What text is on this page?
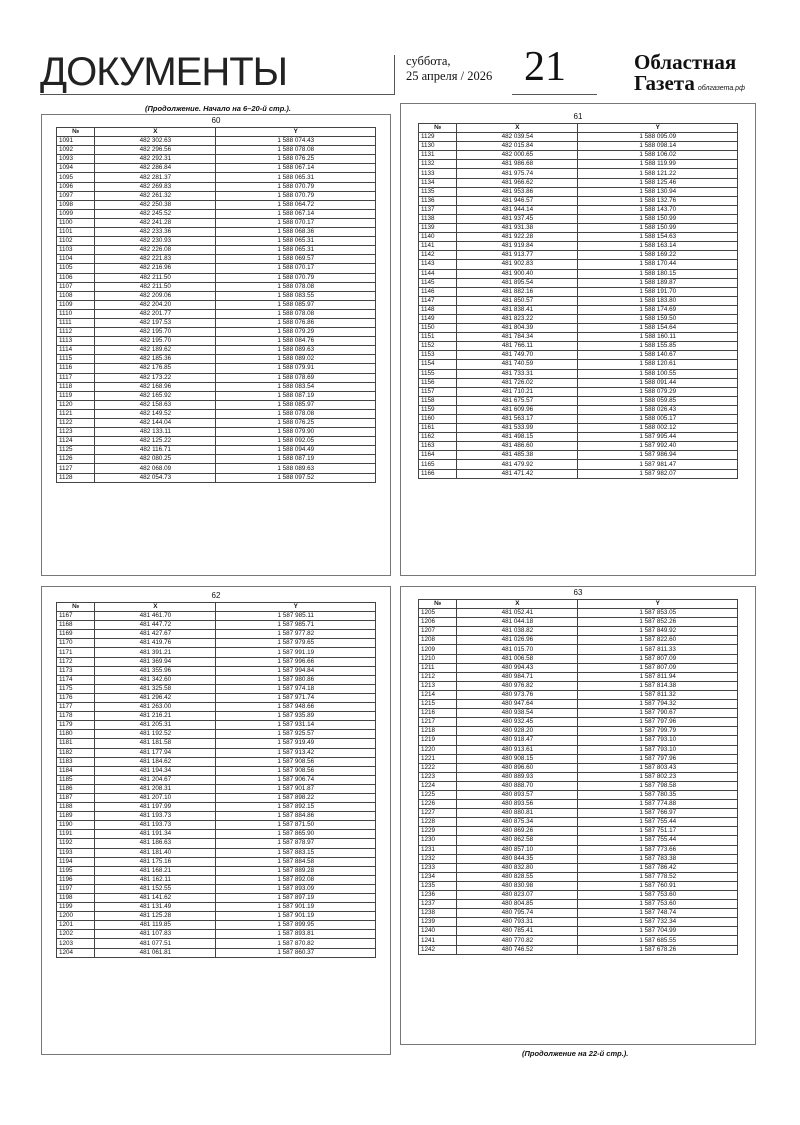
ДОКУМЕНТЫ	суббота,
25 апреля / 2026 21	Областная
Газета облгазета.рф
(Продолжение. Начало на 6–20-й стр.).
60
№	X	Y
1091	482 302.63	1 588 074.43
1092	482 296.56	1 588 078.08
1093	482 292.31	1 588 076.25
1094	482 286.84	1 588 067.14
1095	482 281.37	1 588 065.31
1096	482 269.83	1 588 070.79
1097	482 261.32	1 588 070.79
1098	482 250.38	1 588 064.72
1099	482 245.52	1 588 067.14
1100	482 241.28	1 588 070.17
1101	482 233.36	1 588 068.36
1102	482 230.93	1 588 065.31
1103	482 226.08	1 588 065.31
1104	482 221.83	1 588 069.57
1105	482 216.96	1 588 070.17
1106	482 211.50	1 588 070.79
1107	482 211.50	1 588 078.08
1108	482 209.06	1 588 083.55
1109	482 204.20	1 588 085.97
1110	482 201.77	1 588 078.08
1111	482 197.53	1 588 076.86
1112	482 195.70	1 588 079.29
1113	482 195.70	1 588 084.76
1114	482 189.62	1 588 089.63
1115	482 185.36	1 588 089.02
1116	482 176.85	1 588 079.91
1117	482 173.22	1 588 078.69
1118	482 168.96	1 588 083.54
1119	482 165.92	1 588 087.19
1120	482 158.63	1 588 085.97
1121	482 149.52	1 588 078.08
1122	482 144.04	1 588 076.25
1123	482 133.11	1 588 079.90
1124	482 125.22	1 588 092.05
1125	482 116.71	1 588 094.49
1126	482 080.25	1 588 087.19
1127	482 068.09	1 588 089.63
1128	482 054.73	1 588 097.52
61
№	X	Y
1129	482 039.54	1 588 095.09
1130	482 015.84	1 588 098.14
1131	482 000.65	1 588 106.02
1132	481 986.68	1 588 119.99
1133	481 975.74	1 588 121.22
1134	481 966.62	1 588 125.46
1135	481 953.86	1 588 130.94
1136	481 946.57	1 588 132.76
1137	481 944.14	1 588 143.70
1138	481 937.45	1 588 150.99
1139	481 931.38	1 588 150.99
1140	481 922.28	1 588 154.63
1141	481 919.84	1 588 163.14
1142	481 913.77	1 588 169.22
1143	481 902.83	1 588 170.44
1144	481 900.40	1 588 180.15
1145	481 895.54	1 588 189.87
1146	481 882.16	1 588 191.70
1147	481 850.57	1 588 183.80
1148	481 838.41	1 588 174.69
1149	481 823.22	1 588 159.50
1150	481 804.39	1 588 154.64
1151	481 784.34	1 588 160.11
1152	481 766.11	1 588 155.85
1153	481 749.70	1 588 140.67
1154	481 740.59	1 588 120.61
1155	481 733.31	1 588 100.55
1156	481 726.02	1 588 091.44
1157	481 710.21	1 588 079.29
1158	481 675.57	1 588 059.85
1159	481 609.96	1 588 026.43
1160	481 563.17	1 588 005.17
1161	481 533.99	1 588 002.12
1162	481 498.15	1 587 995.44
1163	481 486.60	1 587 992.40
1164	481 485.38	1 587 986.94
1165	481 479.92	1 587 981.47
1166	481 471.42	1 587 982.07
62
№	X	Y
1167	481 461.70	1 587 985.11
1168	481 447.72	1 587 985.71
1169	481 427.67	1 587 977.82
1170	481 419.76	1 587 979.65
1171	481 391.21	1 587 991.19
1172	481 369.94	1 587 996.66
1173	481 355.96	1 587 994.84
1174	481 342.60	1 587 980.86
1175	481 325.58	1 587 974.18
1176	481 296.42	1 587 971.74
1177	481 263.00	1 587 948.66
1178	481 216.21	1 587 935.89
1179	481 205.31	1 587 931.14
1180	481 192.52	1 587 925.57
1181	481 181.58	1 587 919.49
1182	481 177.94	1 587 913.42
1183	481 184.62	1 587 908.56
1184	481 194.34	1 587 908.56
1185	481 204.67	1 587 906.74
1186	481 208.31	1 587 901.87
1187	481 207.10	1 587 898.22
1188	481 197.99	1 587 892.15
1189	481 193.73	1 587 884.86
1190	481 193.73	1 587 871.50
1191	481 191.34	1 587 865.90
1192	481 186.63	1 587 878.97
1193	481 181.40	1 587 883.15
1194	481 175.16	1 587 884.58
1195	481 168.21	1 587 889.28
1196	481 162.11	1 587 892.08
1197	481 152.55	1 587 893.09
1198	481 141.62	1 587 897.19
1199	481 131.49	1 587 901.19
1200	481 125.28	1 587 901.19
1201	481 119.85	1 587 899.95
1202	481 107.83	1 587 893.81
1203	481 077.51	1 587 870.82
1204	481 061.81	1 587 860.37
63
№	X	Y
1205	481 052.41	1 587 853.05
1206	481 044.18	1 587 852.26
1207	481 038.82	1 587 849.92
1208	481 026.96	1 587 822.60
1209	481 015.70	1 587 811.33
1210	481 006.58	1 587 807.09
1211	480 994.43	1 587 807.09
1212	480 984.71	1 587 811.94
1213	480 976.82	1 587 814.38
1214	480 973.76	1 587 811.32
1215	480 947.64	1 587 794.32
1216	480 938.54	1 587 790.67
1217	480 932.45	1 587 797.96
1218	480 928.20	1 587 799.79
1219	480 918.47	1 587 793.10
1220	480 913.61	1 587 793.10
1221	480 908.15	1 587 797.96
1222	480 896.60	1 587 803.43
1223	480 889.93	1 587 802.23
1224	480 888.70	1 587 798.58
1225	480 893.57	1 587 780.35
1226	480 893.56	1 587 774.88
1227	480 880.81	1 587 766.97
1228	480 875.34	1 587 755.44
1229	480 869.26	1 587 751.17
1230	480 862.58	1 587 755.44
1231	480 857.10	1 587 773.66
1232	480 844.35	1 587 783.38
1233	480 832.80	1 587 786.42
1234	480 828.55	1 587 778.52
1235	480 830.98	1 587 760.91
1236	480 823.07	1 587 753.60
1237	480 804.85	1 587 753.60
1238	480 795.74	1 587 748.74
1239	480 793.31	1 587 732.34
1240	480 785.41	1 587 704.99
1241	480 770.82	1 587 685.55
1242	480 746.52	1 587 678.26
(Продолжение на 22-й стр.).
